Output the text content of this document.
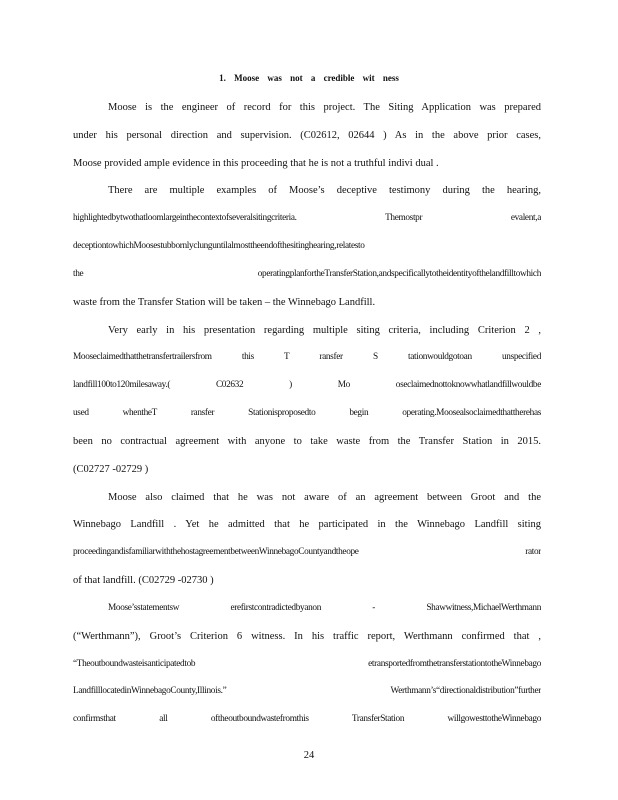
1. Moose was not a credible wit ness
Moose is the engineer of record for this project. The Siting Application was prepared
under his personal direction and supervision. (C02612, 02644 ) As in the above prior cases,
Moose provided ample evidence in this proceeding that he is not a truthful indivi dual .
There are multiple examples of Moose’s deceptive testimony during the hearing,
highlightedbytwothatloomlargeinthecontextofseveralsitingcriteria. Themostpr evalent,a
deceptiontowhichMoosestubbornlyclunguntilalmosttheendofthesitinghearing,relatesto
the operatingplanfortheTransferStation,andspecificallytotheidentityofthelandfilltowhich
waste from the Transfer Station will be taken – the Winnebago Landfill.
Very early in his presentation regarding multiple siting criteria, including Criterion 2 ,
Mooseclaimedthatthetransfertrailersfrom this T ransfer S tationwouldgotoan unspecified
landfill100to120milesaway.( C02632 ) Mo oseclaimednottoknowwhatlandfillwouldbe
used whentheT ransfer Stationisproposedto begin operating.Moosealsoclaimedthattherehas
been no contractual agreement with anyone to take waste from the Transfer Station in 2015.
(C02727 -02729 )
Moose also claimed that he was not aware of an agreement between Groot and the
Winnebago Landfill . Yet he admitted that he participated in the Winnebago Landfill siting
proceedingandisfamiliarwiththehostagreementbetweenWinnebagoCountyandtheope rator
of that landfill. (C02729 -02730 )
Moose’sstatementsw erefirstcontradictedbyanon - Shawwitness,MichaelWerthmann
(“Werthmann”), Groot’s Criterion 6 witness. In his traffic report, Werthmann confirmed that ,
“Theoutboundwasteisanticipatedtob etransportedfromthetransferstationtotheWinnebago
LandfilllocatedinWinnebagoCounty,Illinois.” Werthmann’s“directionaldistribution”further
confirmsthat all oftheoutboundwastefromthis TransferStation willgowesttotheWinnebago
24
